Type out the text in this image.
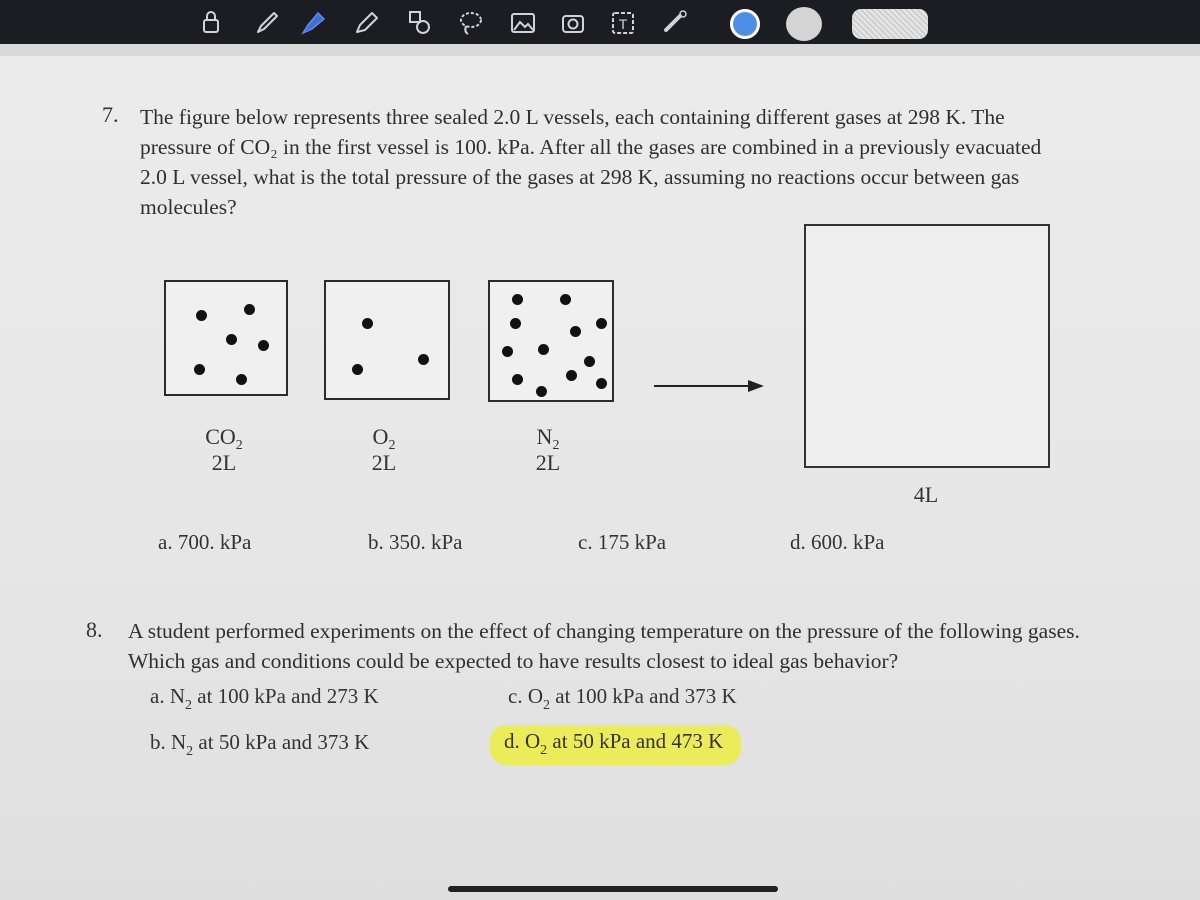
T
7. The figure below represents three sealed 2.0 L vessels, each containing different gases at 298 K. The pressure of CO₂ in the first vessel is 100. kPa. After all the gases are combined in a previously evacuated 2.0 L vessel, what is the total pressure of the gases at 298 K, assuming no reactions occur between gas molecules?

$CO_2$
2L
$O_2$
2L
$N_2$
2L
4L
a. 700. kPa	b. 350. kPa	c. 175 kPa	d. 600. kPa
8. A student performed experiments on the effect of changing temperature on the pressure of the following gases. Which gas and conditions could be expected to have results closest to ideal gas behavior?

a. $N_2$ at 100 kPa and 273 K
b. $N_2$ at 50 kPa and 373 K
c. $O_2$ at 100 kPa and 373 K
d. $O_2$ at 50 kPa and 473 K
